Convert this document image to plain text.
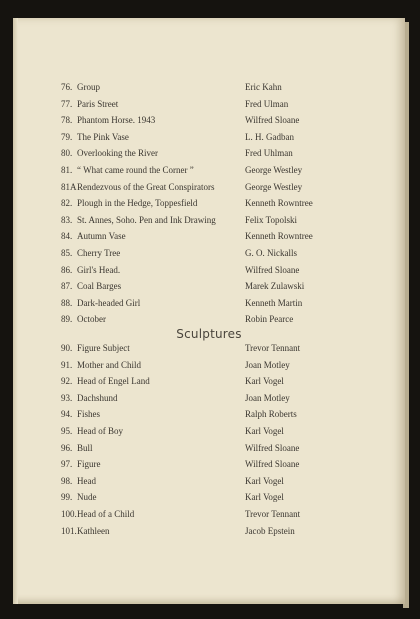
76. Group	Eric Kahn
77. Paris Street	Fred Ulman
78. Phantom Horse. 1943	Wilfred Sloane
79. The Pink Vase	L. H. Gadban
80. Overlooking the River	Fred Uhlman
81. “ What came round the Corner ”	George Westley
81A Rendezvous of the Great Conspirators	George Westley
82. Plough in the Hedge, Toppesfield	Kenneth Rowntree
83. St. Annes, Soho. Pen and Ink Drawing	Felix Topolski
84. Autumn Vase	Kenneth Rowntree
85. Cherry Tree	G. O. Nickalls
86. Girl's Head.	Wilfred Sloane
87. Coal Barges	Marek Zulawski
88. Dark-headed Girl	Kenneth Martin
89. October	Robin Pearce
Sculptures
90. Figure Subject	Trevor Tennant
91. Mother and Child	Joan Motley
92. Head of Engel Land	Karl Vogel
93. Dachshund	Joan Motley
94. Fishes	Ralph Roberts
95. Head of Boy	Karl Vogel
96. Bull	Wilfred Sloane
97. Figure	Wilfred Sloane
98. Head	Karl Vogel
99. Nude	Karl Vogel
100. Head of a Child	Trevor Tennant
101. Kathleen	Jacob Epstein
